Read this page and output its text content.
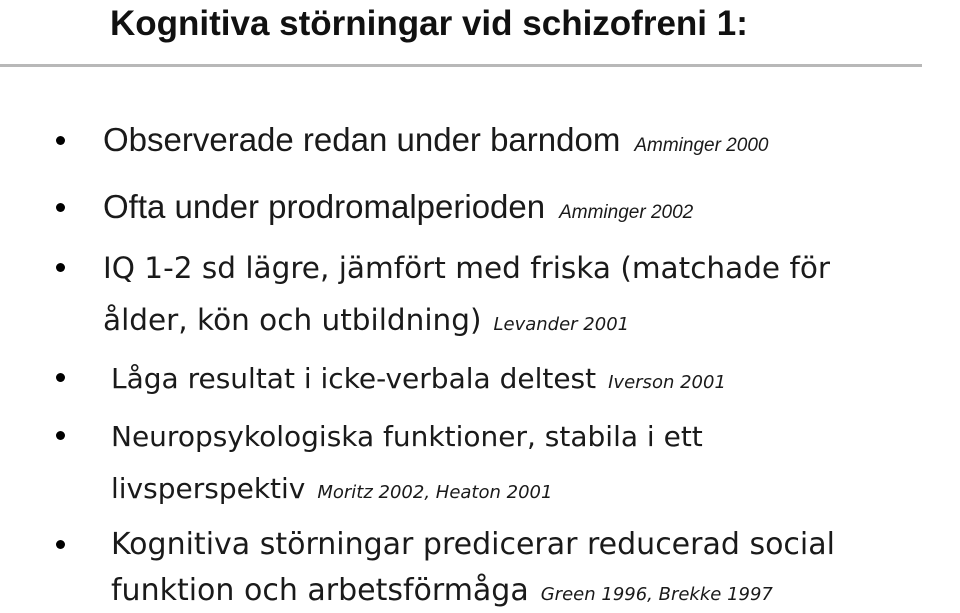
Kognitiva störningar vid schizofreni 1:
Observerade redan under barndom Amminger 2000
Ofta under prodromalperioden Amminger 2002
IQ 1-2 sd lägre, jämfört med friska (matchade för
ålder, kön och utbildning) Levander 2001
Låga resultat i icke-verbala deltest Iverson 2001
Neuropsykologiska funktioner, stabila i ett
livsperspektiv Moritz 2002, Heaton 2001
Kognitiva störningar predicerar reducerad social
funktion och arbetsförmåga Green 1996, Brekke 1997
